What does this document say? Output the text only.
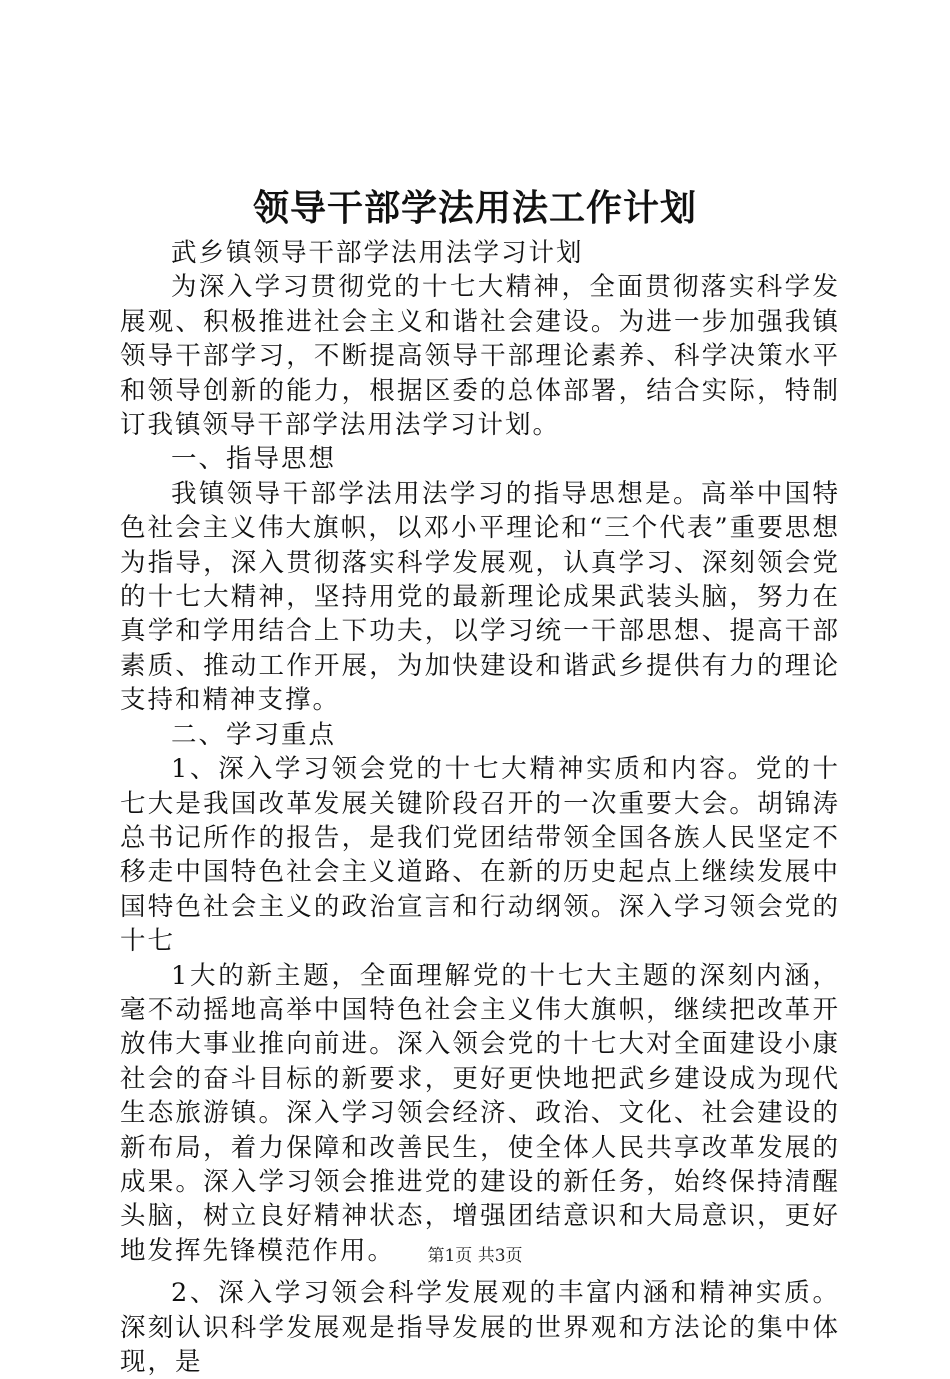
领导干部学法用法工作计划

武乡镇领导干部学法用法学习计划

为深入学习贯彻党的十七大精神，全面贯彻落实科学发展观、积极推进社会主义和谐社会建设。为进一步加强我镇领导干部学习，不断提高领导干部理论素养、科学决策水平和领导创新的能力，根据区委的总体部署，结合实际，特制订我镇领导干部学法用法学习计划。

一、指导思想

我镇领导干部学法用法学习的指导思想是。高举中国特色社会主义伟大旗帜，以邓小平理论和“三个代表”重要思想为指导，深入贯彻落实科学发展观，认真学习、深刻领会党的十七大精神，坚持用党的最新理论成果武装头脑，努力在真学和学用结合上下功夫，以学习统一干部思想、提高干部素质、推动工作开展，为加快建设和谐武乡提供有力的理论支持和精神支撑。

二、学习重点

1、深入学习领会党的十七大精神实质和内容。党的十七大是我国改革发展关键阶段召开的一次重要大会。胡锦涛总书记所作的报告，是我们党团结带领全国各族人民坚定不移走中国特色社会主义道路、在新的历史起点上继续发展中国特色社会主义的政治宣言和行动纲领。深入学习领会党的十七

1大的新主题，全面理解党的十七大主题的深刻内涵，毫不动摇地高举中国特色社会主义伟大旗帜，继续把改革开放伟大事业推向前进。深入领会党的十七大对全面建设小康社会的奋斗目标的新要求，更好更快地把武乡建设成为现代生态旅游镇。深入学习领会经济、政治、文化、社会建设的新布局，着力保障和改善民生，使全体人民共享改革发展的成果。深入学习领会推进党的建设的新任务，始终保持清醒头脑，树立良好精神状态，增强团结意识和大局意识，更好地发挥先锋模范作用。

2、深入学习领会科学发展观的丰富内涵和精神实质。深刻认识科学发展观是指导发展的世界观和方法论的集中体现，是

第1页 共3页
